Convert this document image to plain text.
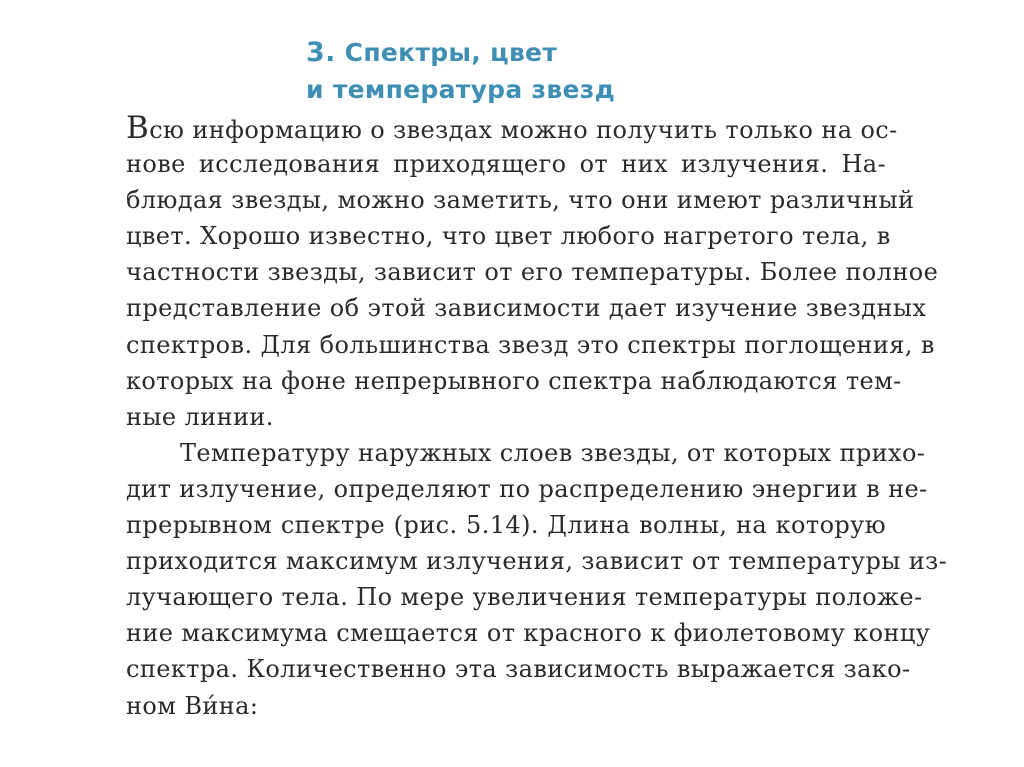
3. Спектры, цвет
и температура звезд
Всю информацию о звездах можно получить только на ос-
нове исследования приходящего от них излучения. На-
блюдая звезды, можно заметить, что они имеют различный
цвет. Хорошо известно, что цвет любого нагретого тела, в
частности звезды, зависит от его температуры. Более полное
представление об этой зависимости дает изучение звездных
спектров. Для большинства звезд это спектры поглощения, в
которых на фоне непрерывного спектра наблюдаются тем-
ные линии.
Температуру наружных слоев звезды, от которых прихо-
дит излучение, определяют по распределению энергии в не-
прерывном спектре (рис. 5.14). Длина волны, на которую
приходится максимум излучения, зависит от температуры из-
лучающего тела. По мере увеличения температуры положе-
ние максимума смещается от красного к фиолетовому концу
спектра. Количественно эта зависимость выражается зако-
ном Ви́на:
